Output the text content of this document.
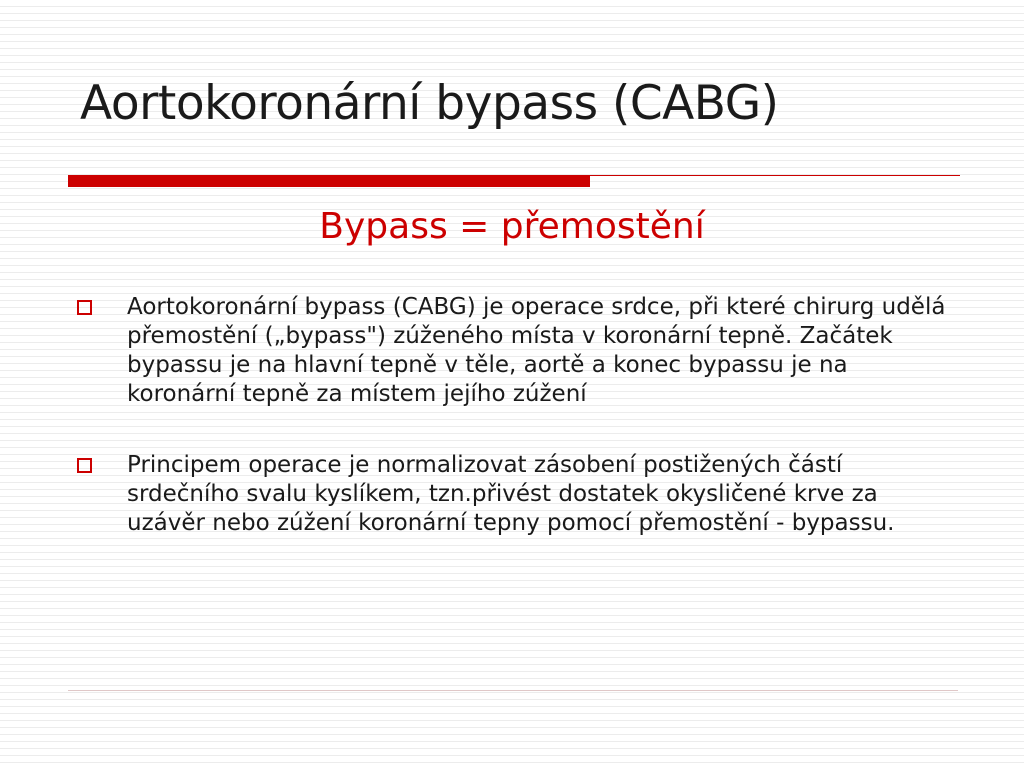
Aortokoronární bypass (CABG)
Bypass = přemostění
Aortokoronární bypass (CABG) je operace srdce, při které chirurg udělá přemostění („bypass") zúženého místa v koronární tepně. Začátek bypassu je na hlavní tepně v těle, aortě a konec bypassu je na koronární tepně za místem jejího zúžení
Principem operace je normalizovat zásobení postižených částí srdečního svalu kyslíkem, tzn.přivést dostatek okysličené krve za uzávěr nebo zúžení koronární tepny pomocí přemostění - bypassu.
